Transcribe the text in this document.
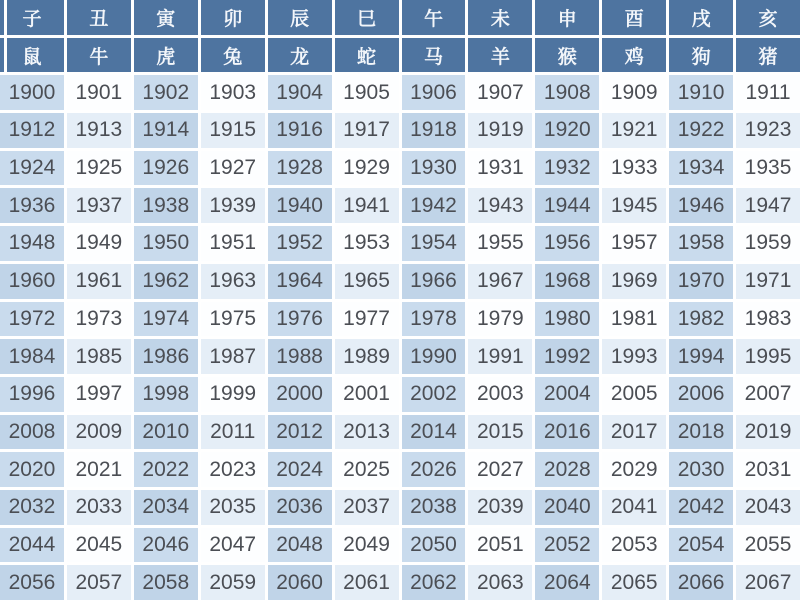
子	丑	寅	卯	辰	巳	午	未	申	酉	戌	亥
鼠	牛	虎	兔	龙	蛇	马	羊	猴	鸡	狗	猪
1900 1901 1902 1903 1904 1905 1906 1907 1908 1909 1910 1911
1912 1913 1914 1915 1916 1917 1918 1919 1920 1921 1922 1923
1924 1925 1926 1927 1928 1929 1930 1931 1932 1933 1934 1935
1936 1937 1938 1939 1940 1941 1942 1943 1944 1945 1946 1947
1948 1949 1950 1951 1952 1953 1954 1955 1956 1957 1958 1959
1960 1961 1962 1963 1964 1965 1966 1967 1968 1969 1970 1971
1972 1973 1974 1975 1976 1977 1978 1979 1980 1981 1982 1983
1984 1985 1986 1987 1988 1989 1990 1991 1992 1993 1994 1995
1996 1997 1998 1999 2000 2001 2002 2003 2004 2005 2006 2007
2008 2009 2010 2011 2012 2013 2014 2015 2016 2017 2018 2019
2020 2021 2022 2023 2024 2025 2026 2027 2028 2029 2030 2031
2032 2033 2034 2035 2036 2037 2038 2039 2040 2041 2042 2043
2044 2045 2046 2047 2048 2049 2050 2051 2052 2053 2054 2055
2056 2057 2058 2059 2060 2061 2062 2063 2064 2065 2066 2067
